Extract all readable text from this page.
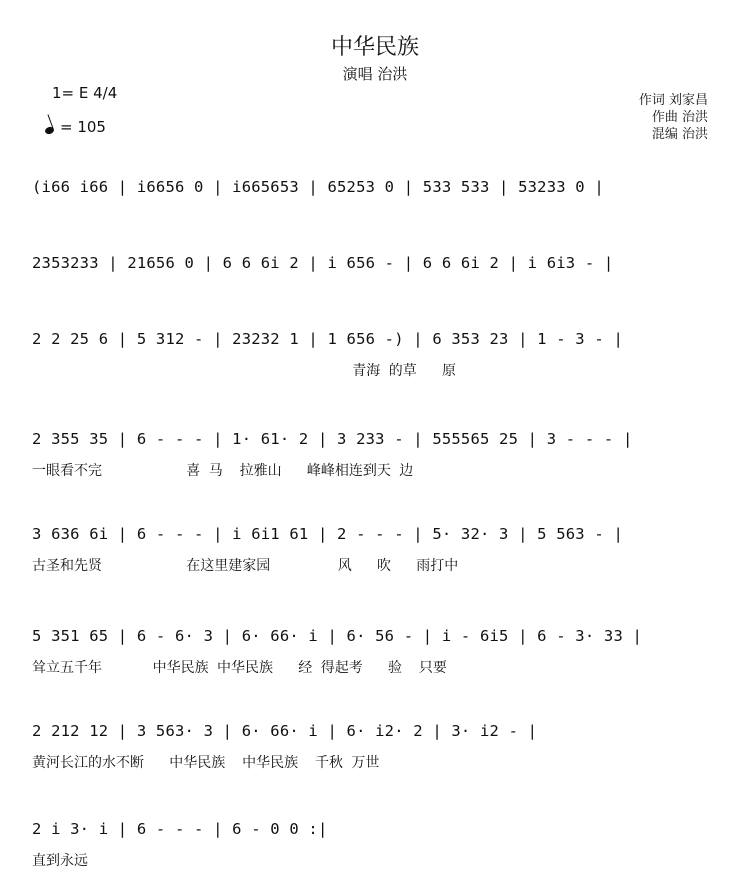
中华民族
演唱 治洪
1= E 4/4
= 105
作词 刘家昌
作曲 治洪
混编 治洪
(i66 i66 | i6656 0 | i665653 | 65253 0 | 533 533 | 53233 0 |
2353233 | 21656 0 | 6 6 6i 2 | i 656 - | 6 6 6i 2 | i 6i3 - |
2 2 25 6 | 5 312 - | 23232 1 | 1 656 -) | 6 353 23 | 1 - 3 - |
青海 的草   原
2 355 35 | 6 - - - | 1· 61· 2 | 3 233 - | 555565 25 | 3 - - - |
一眼看不完          喜 马  拉雅山   峰峰相连到天 边
3 636 6i | 6 - - - | i 6i1 61 | 2 - - - | 5· 32· 3 | 5 563 - |
古圣和先贤          在这里建家园        风   吹   雨打中
5 351 65 | 6 - 6· 3 | 6· 66· i | 6· 56 - | i - 6i5 | 6 - 3· 33 |
耸立五千年      中华民族 中华民族   经 得起考   验  只要
2 212 12 | 3 563· 3 | 6· 66· i | 6· i2· 2 | 3· i2 - |
黄河长江的水不断   中华民族  中华民族  千秋 万世
2 i 3· i | 6 - - - | 6 - 0 0 :|
直到永远
